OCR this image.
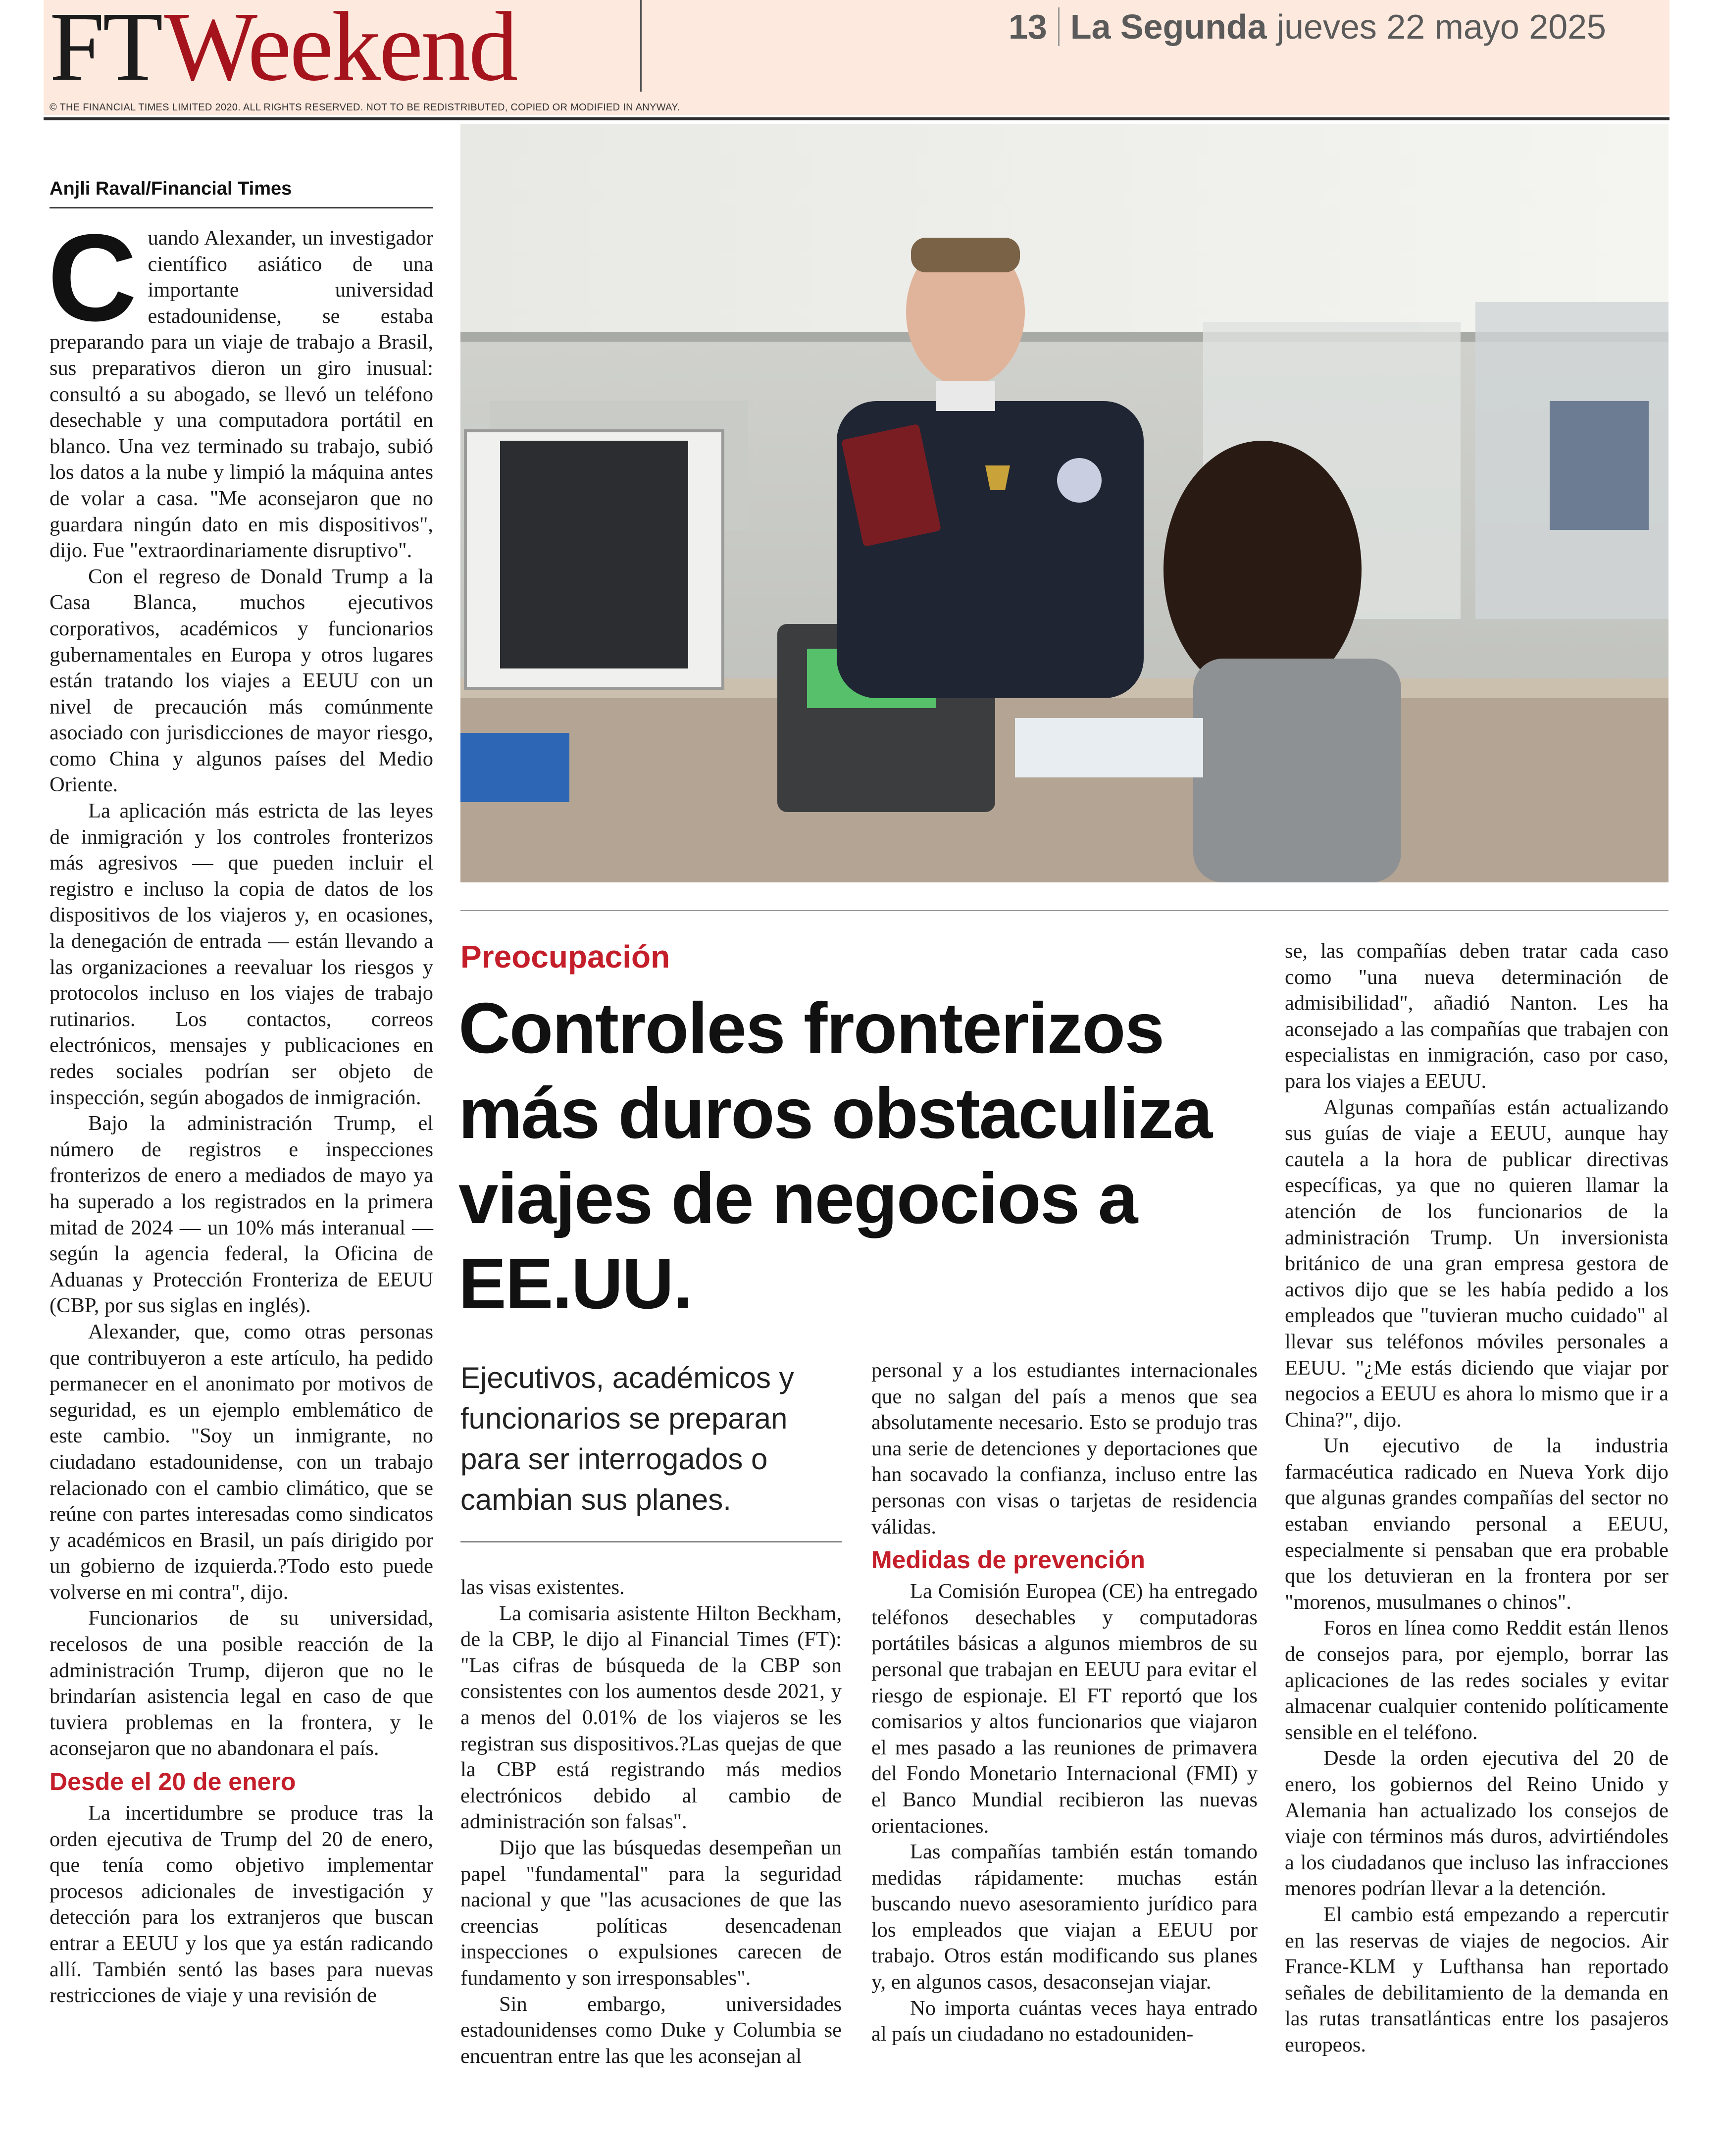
FTWeekend
© THE FINANCIAL TIMES LIMITED 2020. ALL RIGHTS RESERVED. NOT TO BE REDISTRIBUTED, COPIED OR MODIFIED IN ANYWAY.
13 La Segunda jueves 22 mayo 2025
Anjli Raval/Financial Times

Cuando Alexander, un investigador científico asiático de una importante universidad estadounidense, se estaba preparando para un viaje de trabajo a Brasil, sus preparativos dieron un giro inusual: consultó a su abogado, se llevó un teléfono desechable y una computadora portátil en blanco. Una vez terminado su trabajo, subió los datos a la nube y limpió la máquina antes de volar a casa. "Me aconsejaron que no guardara ningún dato en mis dispositivos", dijo. Fue "extraordinariamente disruptivo".

Con el regreso de Donald Trump a la Casa Blanca, muchos ejecutivos corporativos, académicos y funcionarios gubernamentales en Europa y otros lugares están tratando los viajes a EEUU con un nivel de precaución más comúnmente asociado con jurisdicciones de mayor riesgo, como China y algunos países del Medio Oriente.

La aplicación más estricta de las leyes de inmigración y los controles fronterizos más agresivos — que pueden incluir el registro e incluso la copia de datos de los dispositivos de los viajeros y, en ocasiones, la denegación de entrada — están llevando a las organizaciones a reevaluar los riesgos y protocolos incluso en los viajes de trabajo rutinarios. Los contactos, correos electrónicos, mensajes y publicaciones en redes sociales podrían ser objeto de inspección, según abogados de inmigración.

Bajo la administración Trump, el número de registros e inspecciones fronterizos de enero a mediados de mayo ya ha superado a los registrados en la primera mitad de 2024 — un 10% más interanual — según la agencia federal, la Oficina de Aduanas y Protección Fronteriza de EEUU (CBP, por sus siglas en inglés).

Alexander, que, como otras personas que contribuyeron a este artículo, ha pedido permanecer en el anonimato por motivos de seguridad, es un ejemplo emblemático de este cambio. "Soy un inmigrante, no ciudadano estadounidense, con un trabajo relacionado con el cambio climático, que se reúne con partes interesadas como sindicatos y académicos en Brasil, un país dirigido por un gobierno de izquierda.?Todo esto puede volverse en mi contra", dijo.

Funcionarios de su universidad, recelosos de una posible reacción de la administración Trump, dijeron que no le brindarían asistencia legal en caso de que tuviera problemas en la frontera, y le aconsejaron que no abandonara el país.

Desde el 20 de enero

La incertidumbre se produce tras la orden ejecutiva de Trump del 20 de enero, que tenía como objetivo implementar procesos adicionales de investigación y detección para los extranjeros que buscan entrar a EEUU y los que ya están radicando allí. También sentó las bases para nuevas restricciones de viaje y una revisión de

Preocupación
Controles fronterizos más duros obstaculiza viajes de negocios a EE.UU.
Ejecutivos, académicos y funcionarios se preparan para ser interrogados o cambian sus planes.

las visas existentes.

La comisaria asistente Hilton Beckham, de la CBP, le dijo al Financial Times (FT): "Las cifras de búsqueda de la CBP son consistentes con los aumentos desde 2021, y a menos del 0.01% de los viajeros se les registran sus dispositivos.?Las quejas de que la CBP está registrando más medios electrónicos debido al cambio de administración son falsas".

Dijo que las búsquedas desempeñan un papel "fundamental" para la seguridad nacional y que "las acusaciones de que las creencias políticas desencadenan inspecciones o expulsiones carecen de fundamento y son irresponsables".

Sin embargo, universidades estadounidenses como Duke y Columbia se encuentran entre las que les aconsejan al

personal y a los estudiantes internacionales que no salgan del país a menos que sea absolutamente necesario. Esto se produjo tras una serie de detenciones y deportaciones que han socavado la confianza, incluso entre las personas con visas o tarjetas de residencia válidas.

Medidas de prevención

La Comisión Europea (CE) ha entregado teléfonos desechables y computadoras portátiles básicas a algunos miembros de su personal que trabajan en EEUU para evitar el riesgo de espionaje. El FT reportó que los comisarios y altos funcionarios que viajaron el mes pasado a las reuniones de primavera del Fondo Monetario Internacional (FMI) y el Banco Mundial recibieron las nuevas orientaciones.

Las compañías también están tomando medidas rápidamente: muchas están buscando nuevo asesoramiento jurídico para los empleados que viajan a EEUU por trabajo. Otros están modificando sus planes y, en algunos casos, desaconsejan viajar.

No importa cuántas veces haya entrado al país un ciudadano no estadouniden-

se, las compañías deben tratar cada caso como "una nueva determinación de admisibilidad", añadió Nanton. Les ha aconsejado a las compañías que trabajen con especialistas en inmigración, caso por caso, para los viajes a EEUU.

Algunas compañías están actualizando sus guías de viaje a EEUU, aunque hay cautela a la hora de publicar directivas específicas, ya que no quieren llamar la atención de los funcionarios de la administración Trump. Un inversionista británico de una gran empresa gestora de activos dijo que se les había pedido a los empleados que "tuvieran mucho cuidado" al llevar sus teléfonos móviles personales a EEUU. "¿Me estás diciendo que viajar por negocios a EEUU es ahora lo mismo que ir a China?", dijo.

Un ejecutivo de la industria farmacéutica radicado en Nueva York dijo que algunas grandes compañías del sector no estaban enviando personal a EEUU, especialmente si pensaban que era probable que los detuvieran en la frontera por ser "morenos, musulmanes o chinos".

Foros en línea como Reddit están llenos de consejos para, por ejemplo, borrar las aplicaciones de las redes sociales y evitar almacenar cualquier contenido políticamente sensible en el teléfono.

Desde la orden ejecutiva del 20 de enero, los gobiernos del Reino Unido y Alemania han actualizado los consejos de viaje con términos más duros, advirtiéndoles a los ciudadanos que incluso las infracciones menores podrían llevar a la detención.

El cambio está empezando a repercutir en las reservas de viajes de negocios. Air France-KLM y Lufthansa han reportado señales de debilitamiento de la demanda en las rutas transatlánticas entre los pasajeros europeos.
